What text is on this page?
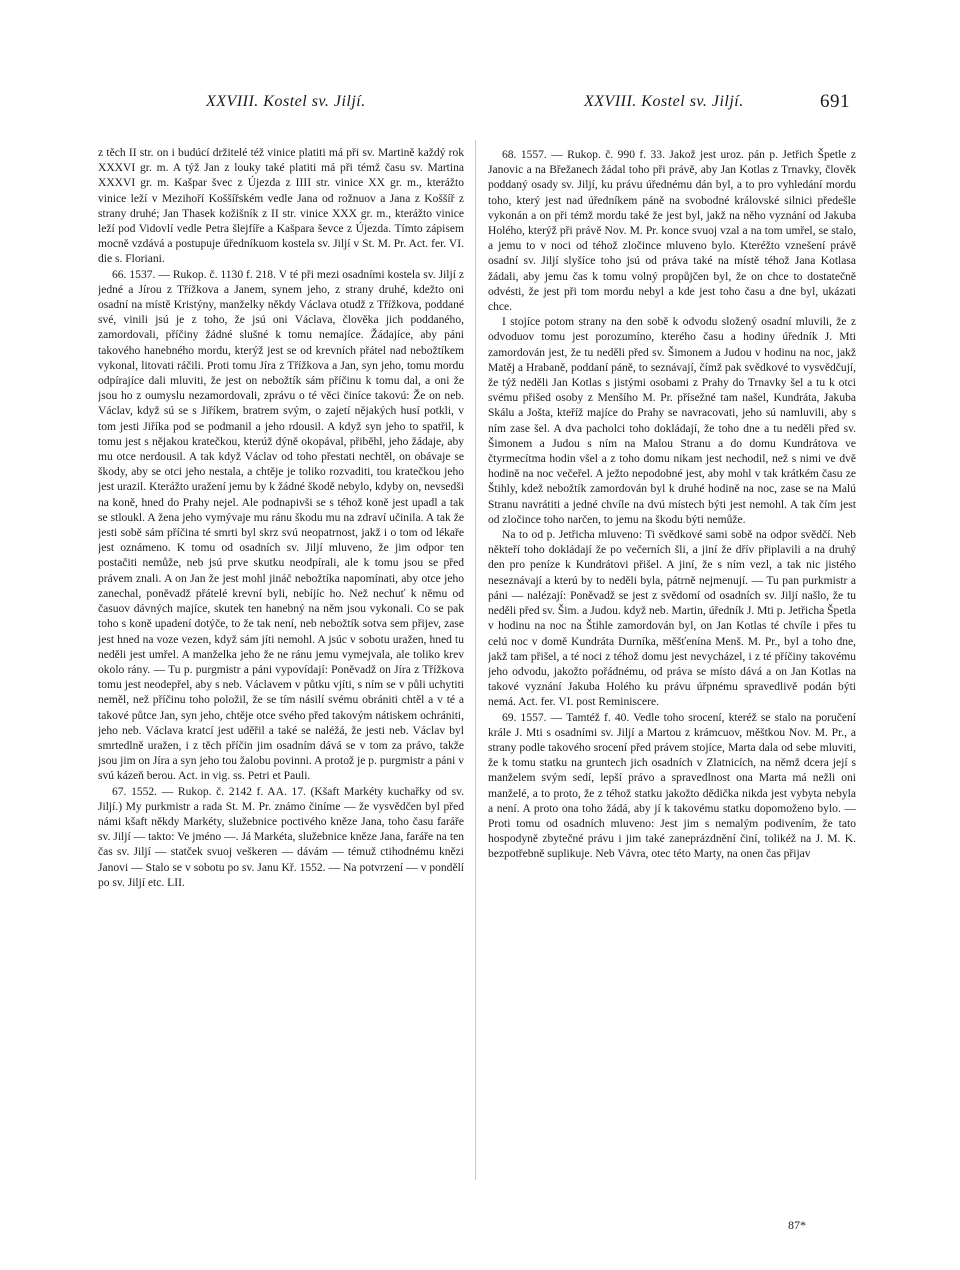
XXVIII. Kostel sv. Jiljí.	XXVIII. Kostel sv. Jiljí.	691

z těch II str. on i budúcí držitelé též vinice platiti má při sv. Martině každý rok XXXVI gr. m. A týž Jan z louky také platiti má při témž času sv. Martina XXXVI gr. m. Kašpar švec z Újezda z IIII str. vinice XX gr. m., kterážto vinice leží v Mezihoří Koššířském vedle Jana od rožnuov a Jana z Koššíř z strany druhé; Jan Thasek kožišník z II str. vinice XXX gr. m., kterážto vinice leží pod Vidovlí vedle Petra šlejfíře a Kašpara ševce z Újezda. Tímto zápisem mocně vzdává a postupuje úředníkuom kostela sv. Jiljí v St. M. Pr. Act. fer. VI. die s. Floriani.

66. 1537. — Rukop. č. 1130 f. 218. V té při mezi osadními kostela sv. Jiljí z jedné a Jírou z Třížkova a Janem, synem jeho, z strany druhé, kdežto oni osadní na místě Kristýny, manželky někdy Václava otudž z Třížkova, poddané své, vinili jsú je z toho, že jsú oni Václava, člověka jich poddaného, zamordovali, příčiny žádné slušné k tomu nemajíce. Žádajíce, aby páni takového hanebného mordu, kterýž jest se od krevních přátel nad nebožtíkem vykonal, litovati ráčili. Proti tomu Jíra z Třížkova a Jan, syn jeho, tomu mordu odpírajíce dali mluviti, že jest on nebožtík sám příčinu k tomu dal, a oni že jsou ho z oumyslu nezamordovali, zprávu o té věci činíce takovú: Že on neb. Václav, když sú se s Jiříkem, bratrem svým, o zajetí nějakých husí potkli, v tom jesti Jiříka pod se podmanil a jeho rdousil. A když syn jeho to spatřil, k tomu jest s nějakou kratečkou, kterúž dýně okopával, přiběhl, jeho žádaje, aby mu otce nerdousil. A tak když Václav od toho přestati nechtěl, on obávaje se škody, aby se otci jeho nestala, a chtěje je toliko rozvaditi, tou kratečkou jeho jest urazil. Kterážto uražení jemu by k žádné škodě nebylo, kdyby on, nevsedši na koně, hned do Prahy nejel. Ale podnapivši se s téhož koně jest upadl a tak se stloukl. A žena jeho vymývaje mu ránu škodu mu na zdraví učinila. A tak že jesti sobě sám příčina té smrti byl skrz svú neopatrnost, jakž i o tom od lékaře jest oznámeno. K tomu od osadních sv. Jiljí mluveno, že jim odpor ten postačiti nemůže, neb jsú prve skutku neodpírali, ale k tomu jsou se před právem znali. A on Jan že jest mohl jináč nebožtíka napomínati, aby otce jeho zanechal, poněvadž přátelé krevní byli, nebíjíc ho. Než nechuť k němu od časuov dávných majíce, skutek ten hanebný na něm jsou vykonali. Co se pak toho s koně upadení dotýče, to že tak není, neb nebožtík sotva sem přijev, zase jest hned na voze vezen, když sám jíti nemohl. A jsúc v sobotu uražen, hned tu neděli jest umřel. A manželka jeho že ne ránu jemu vymejvala, ale toliko krev okolo rány. — Tu p. purgmistr a páni vypovídají: Poněvadž on Jíra z Třížkova tomu jest neodepřel, aby s neb. Václavem v půtku vjíti, s ním se v půli uchytiti neměl, než příčinu toho položil, že se tím násilí svému obrániti chtěl a v té a takové půtce Jan, syn jeho, chtěje otce svého před takovým nátiskem ochrániti, jeho neb. Václava kratcí jest uděřil a také se naléžá, že jesti neb. Václav byl smrtedlně uražen, i z těch příčin jim osadním dává se v tom za právo, takže jsou jim on Jíra a syn jeho tou žalobu povinni. A protož je p. purgmistr a páni v svú kázeň berou. Act. in vig. ss. Petri et Pauli.

67. 1552. — Rukop. č. 2142 f. AA. 17. (Kšaft Markéty kuchařky od sv. Jiljí.) My purkmistr a rada St. M. Pr. známo činíme — že vysvědčen byl před námi kšaft někdy Markéty, služebnice poctivého kněze Jana, toho času faráře sv. Jiljí — takto: Ve jméno —. Já Markéta, služebnice kněze Jana, faráře na ten čas sv. Jiljí — statček svuoj veškeren — dávám — témuž ctihodnému knězi Janovi — Stalo se v sobotu po sv. Janu Kř. 1552. — Na potvrzení — v pondělí po sv. Jiljí etc. LII.

68. 1557. — Rukop. č. 990 f. 33. Jakož jest uroz. pán p. Jetřich Špetle z Janovic a na Břežanech žádal toho při právě, aby Jan Kotlas z Trnavky, člověk poddaný osady sv. Jiljí, ku právu úřednému dán byl, a to pro vyhledání mordu toho, který jest nad úředníkem páně na svobodné královské silnici předešle vykonán a on při témž mordu také že jest byl, jakž na něho vyznání od Jakuba Holého, kterýž při právě Nov. M. Pr. konce svuoj vzal a na tom umřel, se stalo, a jemu to v noci od téhož zločince mluveno bylo. Kteréžto vznešení právě osadní sv. Jiljí slyšíce toho jsú od práva také na místě téhož Jana Kotlasa žádali, aby jemu čas k tomu volný propůjčen byl, že on chce to dostatečně odvésti, že jest při tom mordu nebyl a kde jest toho času a dne byl, ukázati chce.

I stojíce potom strany na den sobě k odvodu složený osadní mluvili, že z odvoduov tomu jest porozumíno, kterého času a hodiny úředník J. Mti zamordován jest, že tu neděli před sv. Šimonem a Judou v hodinu na noc, jakž Matěj a Hrabaně, poddaní páně, to seznávají, čímž pak svědkové to vysvědčují, že týž neděli Jan Kotlas s jistými osobami z Prahy do Trnavky šel a tu k otci svému přišed osoby z Menšího M. Pr. přísežné tam našel, Kundráta, Jakuba Skálu a Jošta, kteříž majíce do Prahy se navracovati, jeho sú namluvili, aby s ním zase šel. A dva pacholci toho dokládají, že toho dne a tu neděli před sv. Šimonem a Judou s ním na Malou Stranu a do domu Kundrátova ve čtyrmecítma hodin všel a z toho domu nikam jest nechodil, než s nimi ve dvě hodině na noc večeřel. A ježto nepodobné jest, aby mohl v tak krátkém času ze Štihly, kdež nebožtík zamordován byl k druhé hodině na noc, zase se na Malú Stranu navrátiti a jedné chvíle na dvú místech býti jest nemohl. A tak čím jest od zločince toho narčen, to jemu na škodu býti nemůže.

Na to od p. Jetřicha mluveno: Ti svědkové sami sobě na odpor svědčí. Neb někteří toho dokládají že po večerních šli, a jiní že dřív připlavili a na druhý den pro peníze k Kundrátovi přišel. A jiní, že s ním vezl, a tak nic jistého neseznávají a kterú by to neděli byla, pátrně nejmenují. — Tu pan purkmistr a páni — nalézají: Poněvadž se jest z svědomí od osadních sv. Jiljí našlo, že tu neděli před sv. Šim. a Judou. když neb. Martin, úředník J. Mti p. Jetřicha Špetla v hodinu na noc na Štihle zamordován byl, on Jan Kotlas té chvíle i přes tu celú noc v domě Kundráta Durníka, měšťenína Menš. M. Pr., byl a toho dne, jakž tam přišel, a té noci z téhož domu jest nevycházel, i z té příčiny takovému jeho odvodu, jakožto pořádnému, od práva se místo dává a on Jan Kotlas na takové vyznání Jakuba Holého ku právu úřpnému spravedlivě podán býti nemá. Act. fer. VI. post Reminiscere.

69. 1557. — Tamtéž f. 40. Vedle toho srocení, kteréž se stalo na poručení krále J. Mti s osadními sv. Jiljí a Martou z krámcuov, měštkou Nov. M. Pr., a strany podle takového srocení před právem stojíce, Marta dala od sebe mluviti, že k tomu statku na gruntech jich osadních v Zlatnicích, na němž dcera její s manželem svým sedí, lepší právo a spravedlnost ona Marta má nežli oni manželé, a to proto, že z téhož statku jakožto dědička nikda jest vybyta nebyla a není. A proto ona toho žádá, aby jí k takovému statku dopomoženo bylo. — Proti tomu od osadních mluveno: Jest jim s nemalým podivením, že tato hospodyně zbytečné právu i jim také zaneprázdnění činí, tolikéž na J. M. K. bezpotřebně suplikuje. Neb Vávra, otec této Marty, na onen čas přijav

87*
